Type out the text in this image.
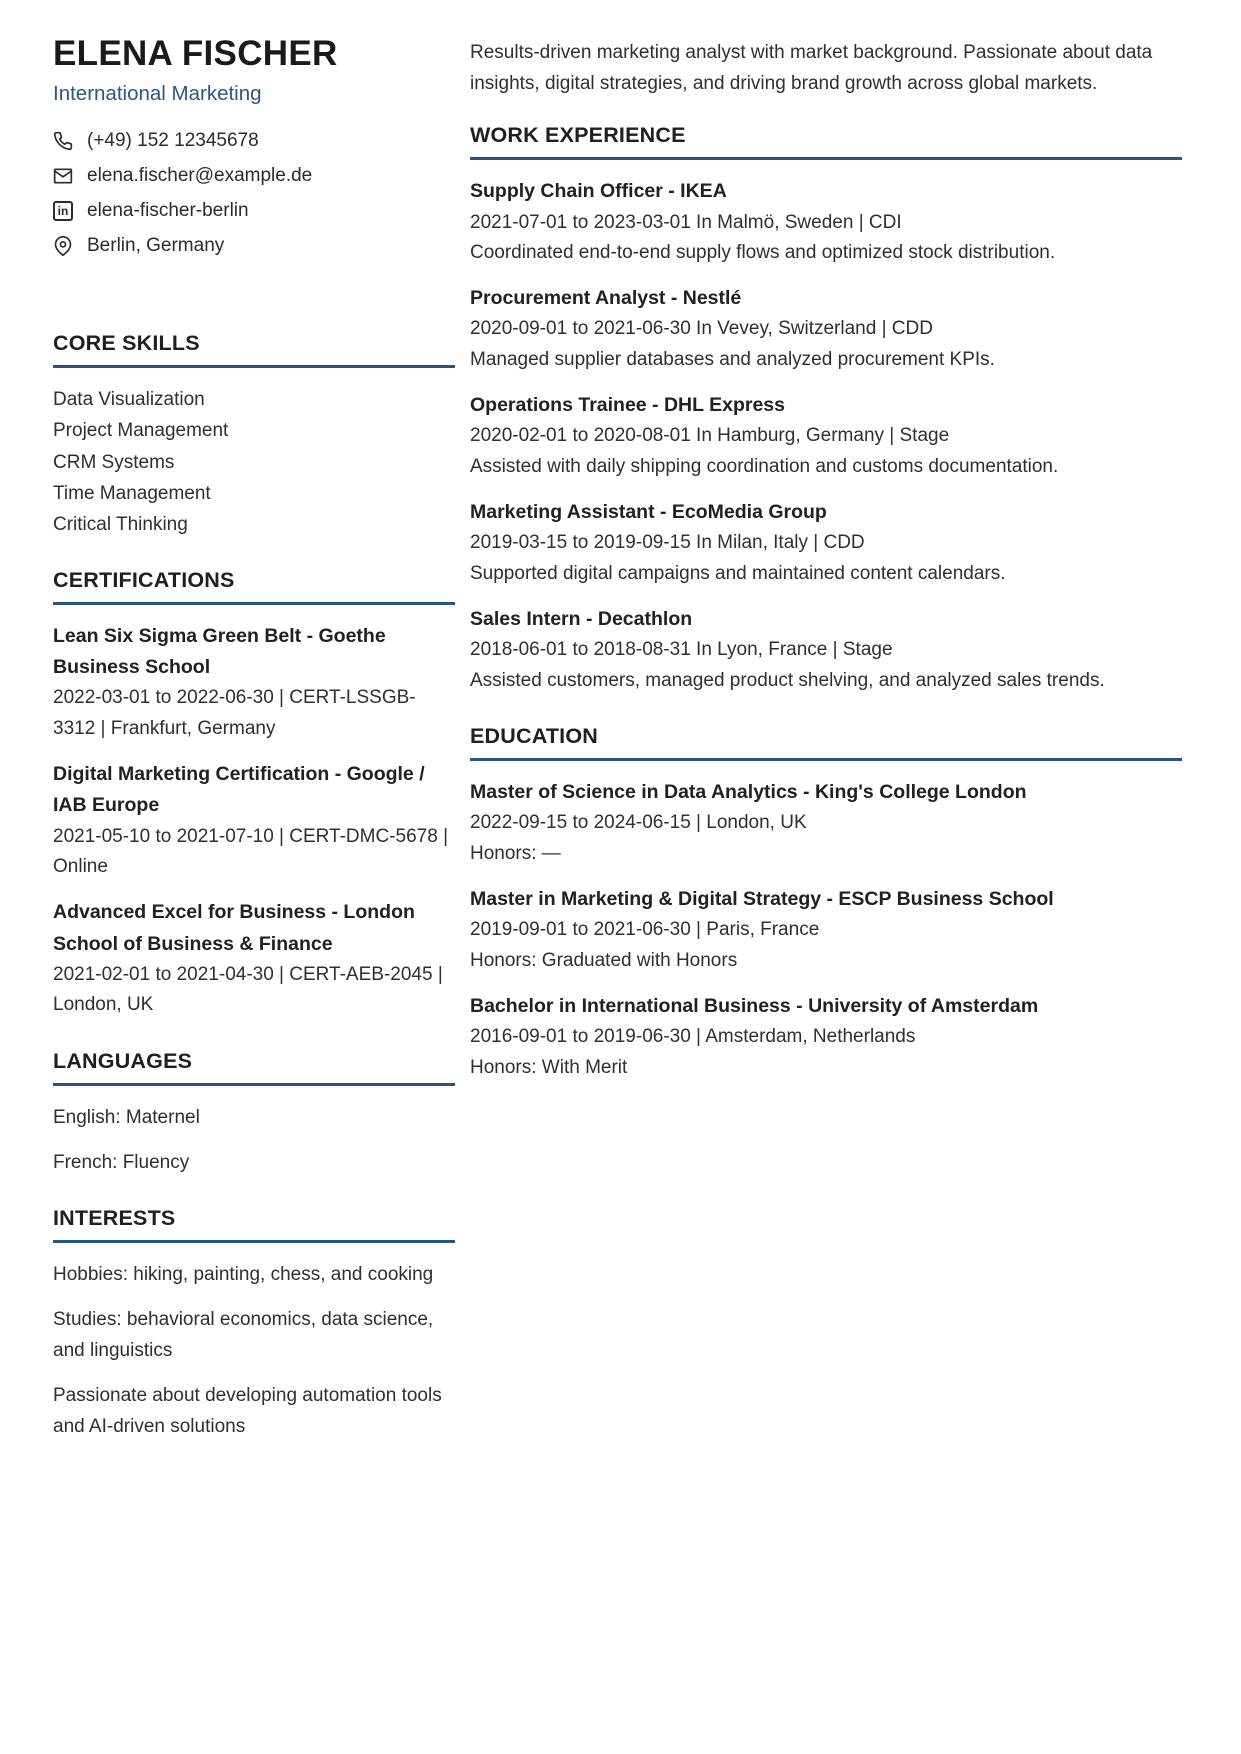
ELENA FISCHER
International Marketing
(+49) 152 12345678
elena.fischer@example.de
in elena-fischer-berlin
Berlin, Germany
CORE SKILLS
Data Visualization
Project Management
CRM Systems
Time Management
Critical Thinking
CERTIFICATIONS
Lean Six Sigma Green Belt - Goethe Business School
2022-03-01 to 2022-06-30 | CERT-LSSGB-3312 | Frankfurt, Germany
Digital Marketing Certification - Google / IAB Europe
2021-05-10 to 2021-07-10 | CERT-DMC-5678 | Online
Advanced Excel for Business - London School of Business & Finance
2021-02-01 to 2021-04-30 | CERT-AEB-2045 | London, UK
LANGUAGES
English: Maternel
French: Fluency
INTERESTS
Hobbies: hiking, painting, chess, and cooking
Studies: behavioral economics, data science, and linguistics
Passionate about developing automation tools and AI-driven solutions

Results-driven marketing analyst with market background. Passionate about data insights, digital strategies, and driving brand growth across global markets.

WORK EXPERIENCE
Supply Chain Officer - IKEA
2021-07-01 to 2023-03-01 In Malmö, Sweden | CDI
Coordinated end-to-end supply flows and optimized stock distribution.
Procurement Analyst - Nestlé
2020-09-01 to 2021-06-30 In Vevey, Switzerland | CDD
Managed supplier databases and analyzed procurement KPIs.
Operations Trainee - DHL Express
2020-02-01 to 2020-08-01 In Hamburg, Germany | Stage
Assisted with daily shipping coordination and customs documentation.
Marketing Assistant - EcoMedia Group
2019-03-15 to 2019-09-15 In Milan, Italy | CDD
Supported digital campaigns and maintained content calendars.
Sales Intern - Decathlon
2018-06-01 to 2018-08-31 In Lyon, France | Stage
Assisted customers, managed product shelving, and analyzed sales trends.
EDUCATION
Master of Science in Data Analytics - King's College London
2022-09-15 to 2024-06-15 | London, UK
Honors: —
Master in Marketing & Digital Strategy - ESCP Business School
2019-09-01 to 2021-06-30 | Paris, France
Honors: Graduated with Honors
Bachelor in International Business - University of Amsterdam
2016-09-01 to 2019-06-30 | Amsterdam, Netherlands
Honors: With Merit
